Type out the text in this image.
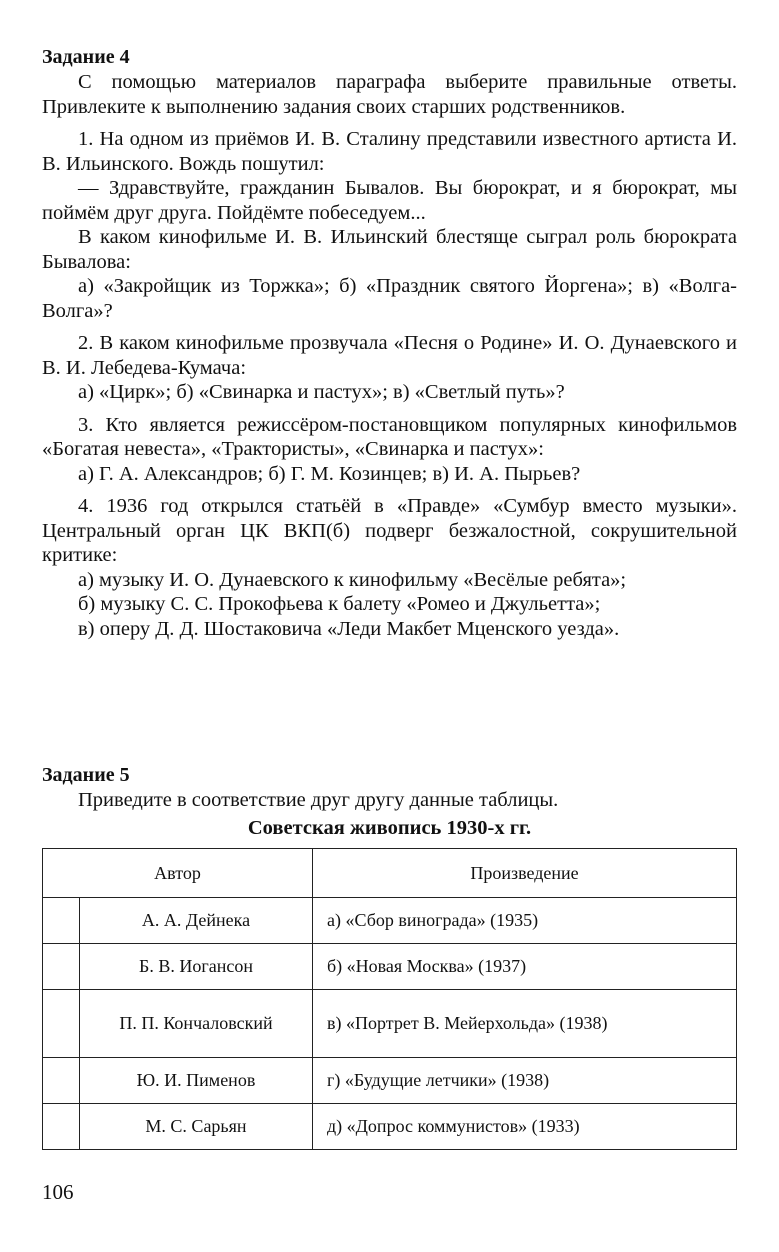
Задание 4

С помощью материалов параграфа выберите правильные ответы. Привлеките к выполнению задания своих старших родственников.

1. На одном из приёмов И. В. Сталину представили известного артиста И. В. Ильинского. Вождь пошутил:

— Здравствуйте, гражданин Бывалов. Вы бюрократ, и я бюрократ, мы поймём друг друга. Пойдёмте побеседуем...

В каком кинофильме И. В. Ильинский блестяще сыграл роль бюрократа Бывалова:

а) «Закройщик из Торжка»; б) «Праздник святого Йоргена»; в) «Волга-Волга»?

2. В каком кинофильме прозвучала «Песня о Родине» И. О. Дунаевского и В. И. Лебедева-Кумача:

а) «Цирк»; б) «Свинарка и пастух»; в) «Светлый путь»?

3. Кто является режиссёром-постановщиком популярных кинофильмов «Богатая невеста», «Трактористы», «Свинарка и пастух»:

а) Г. А. Александров; б) Г. М. Козинцев; в) И. А. Пырьев?

4. 1936 год открылся статьёй в «Правде» «Сумбур вместо музыки». Центральный орган ЦК ВКП(б) подверг безжалостной, сокрушительной критике:

а) музыку И. О. Дунаевского к кинофильму «Весёлые ребята»;

б) музыку С. С. Прокофьева к балету «Ромео и Джульетта»;

в) оперу Д. Д. Шостаковича «Леди Макбет Мценского уезда».

Задание 5

Приведите в соответствие друг другу данные таблицы.

Советская живопись 1930-х гг.
Автор		Произведение
	А. А. Дейнека	а) «Сбор винограда» (1935)
	Б. В. Иогансон	б) «Новая Москва» (1937)
	П. П. Кончаловский	в) «Портрет В. Мейерхольда» (1938)
	Ю. И. Пименов	г) «Будущие летчики» (1938)
	М. С. Сарьян	д) «Допрос коммунистов» (1933)
106
